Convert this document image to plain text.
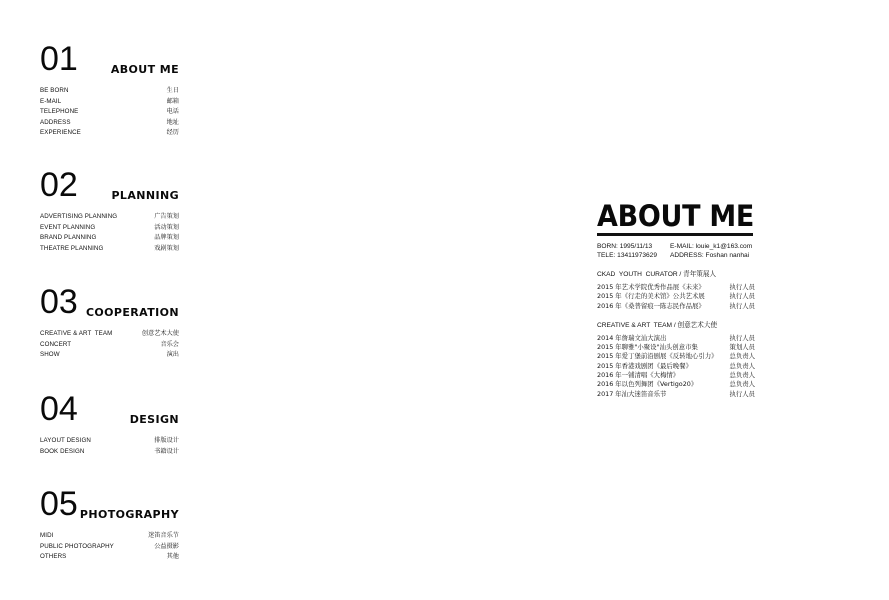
01	ABOUT ME
BE BORN	生日
E-MAIL	邮箱
TELEPHONE	电话
ADDRESS	地址
EXPERIENCE	经历
02	PLANNING
ADVERTISING PLANNING	广告策划
EVENT PLANNING	活动策划
BRAND PLANNING	品牌策划
THEATRE PLANNING	戏剧策划
03 COOPERATION
CREATIVE & ART  TEAM	创意艺术大使
CONCERT	音乐会
SHOW	演出
04	DESIGN
LAYOUT DESIGN	排版设计
BOOK DESIGN	书籍设计
05 PHOTOGRAPHY
MIDI	迷笛音乐节
PUBLIC PHOTOGRAPHY	公益摄影
OTHERS	其他
ABOUT ME
BORN: 1995/11/13	E-MAIL: louie_k1@163.com
TELE: 13411973629	ADDRESS: Foshan nanhai
CKAD  YOUTH  CURATOR / 青年策展人
2015 年艺术学院优秀作品展《未来》	执行人员
2015 年《行走的美术馆》公共艺术展	执行人员
2016 年《桑普留痕一陈志民作品展》	执行人员
CREATIVE & ART  TEAM / 创意艺术大使
2014 年詹瑞文汕大演出	执行人员
2015 年聊雅"小聚设"汕头创意市集	策划人员
2015 年爱丁堡前沿剧展《反转地心引力》 总负责人
2015 年香港戏剧团《最后晚餐》	总负责人
2016 年一铺清唱《大梅情》	总负责人
2016 年以色列舞团《Vertigo20》	总负责人
2017 年汕大迷笛音乐节	执行人员
